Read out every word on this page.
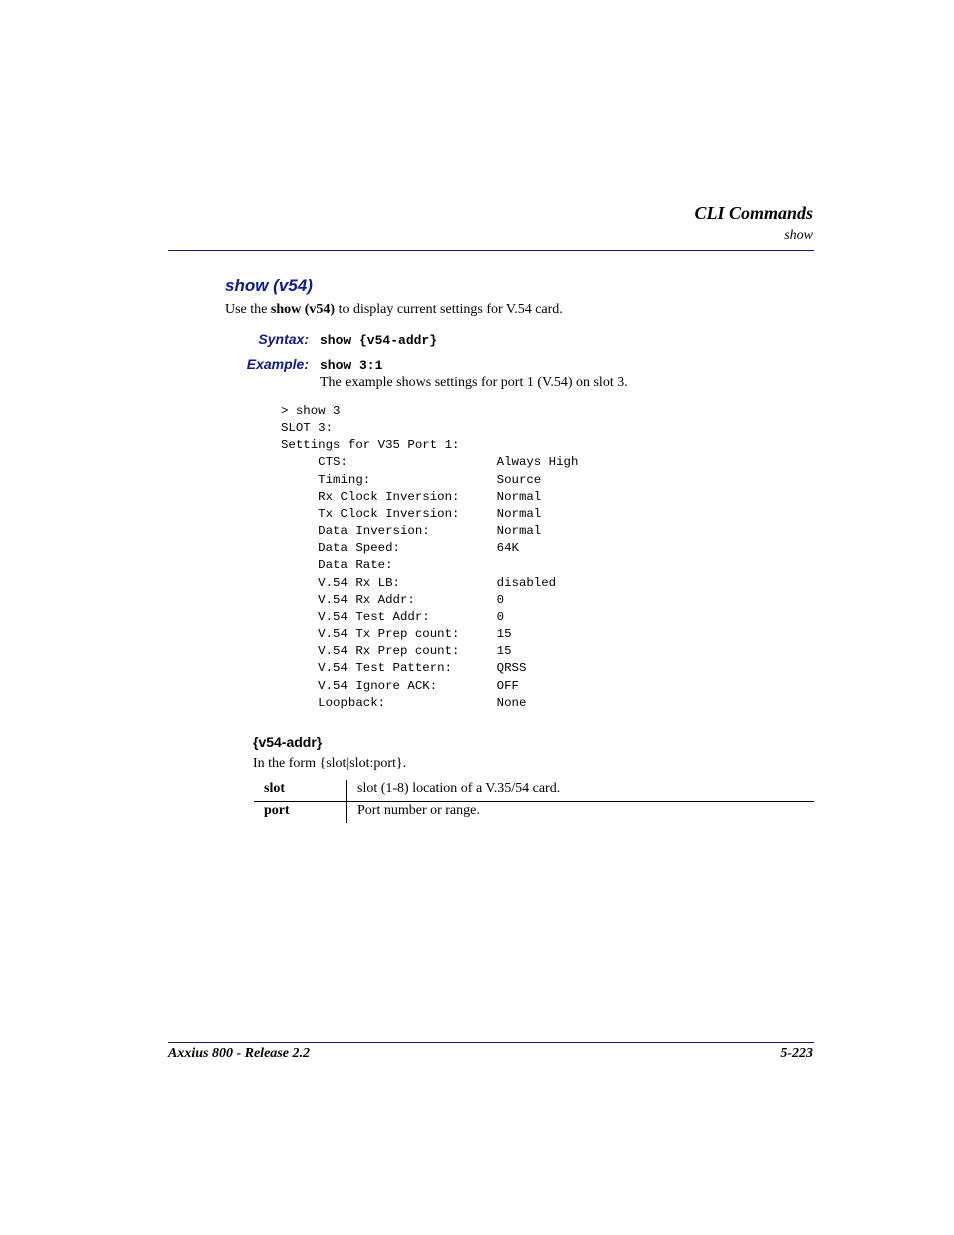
CLI Commands
show
show (v54)
Use the show (v54) to display current settings for V.54 card.
Syntax: show {v54-addr}
Example: show 3:1
The example shows settings for port 1 (V.54) on slot 3.
> show 3
SLOT 3:
Settings for V35 Port 1:
CTS:                    Always High
Timing:                 Source
Rx Clock Inversion:     Normal
Tx Clock Inversion:     Normal
Data Inversion:         Normal
Data Speed:             64K
Data Rate:
V.54 Rx LB:             disabled
V.54 Rx Addr:           0
V.54 Test Addr:         0
V.54 Tx Prep count:     15
V.54 Rx Prep count:     15
V.54 Test Pattern:      QRSS
V.54 Ignore ACK:        OFF
Loopback:               None
{v54-addr}
In the form {slot|slot:port}.
slot	slot (1-8) location of a V.35/54 card.
port	Port number or range.
Axxius 800 - Release 2.2	5-223
